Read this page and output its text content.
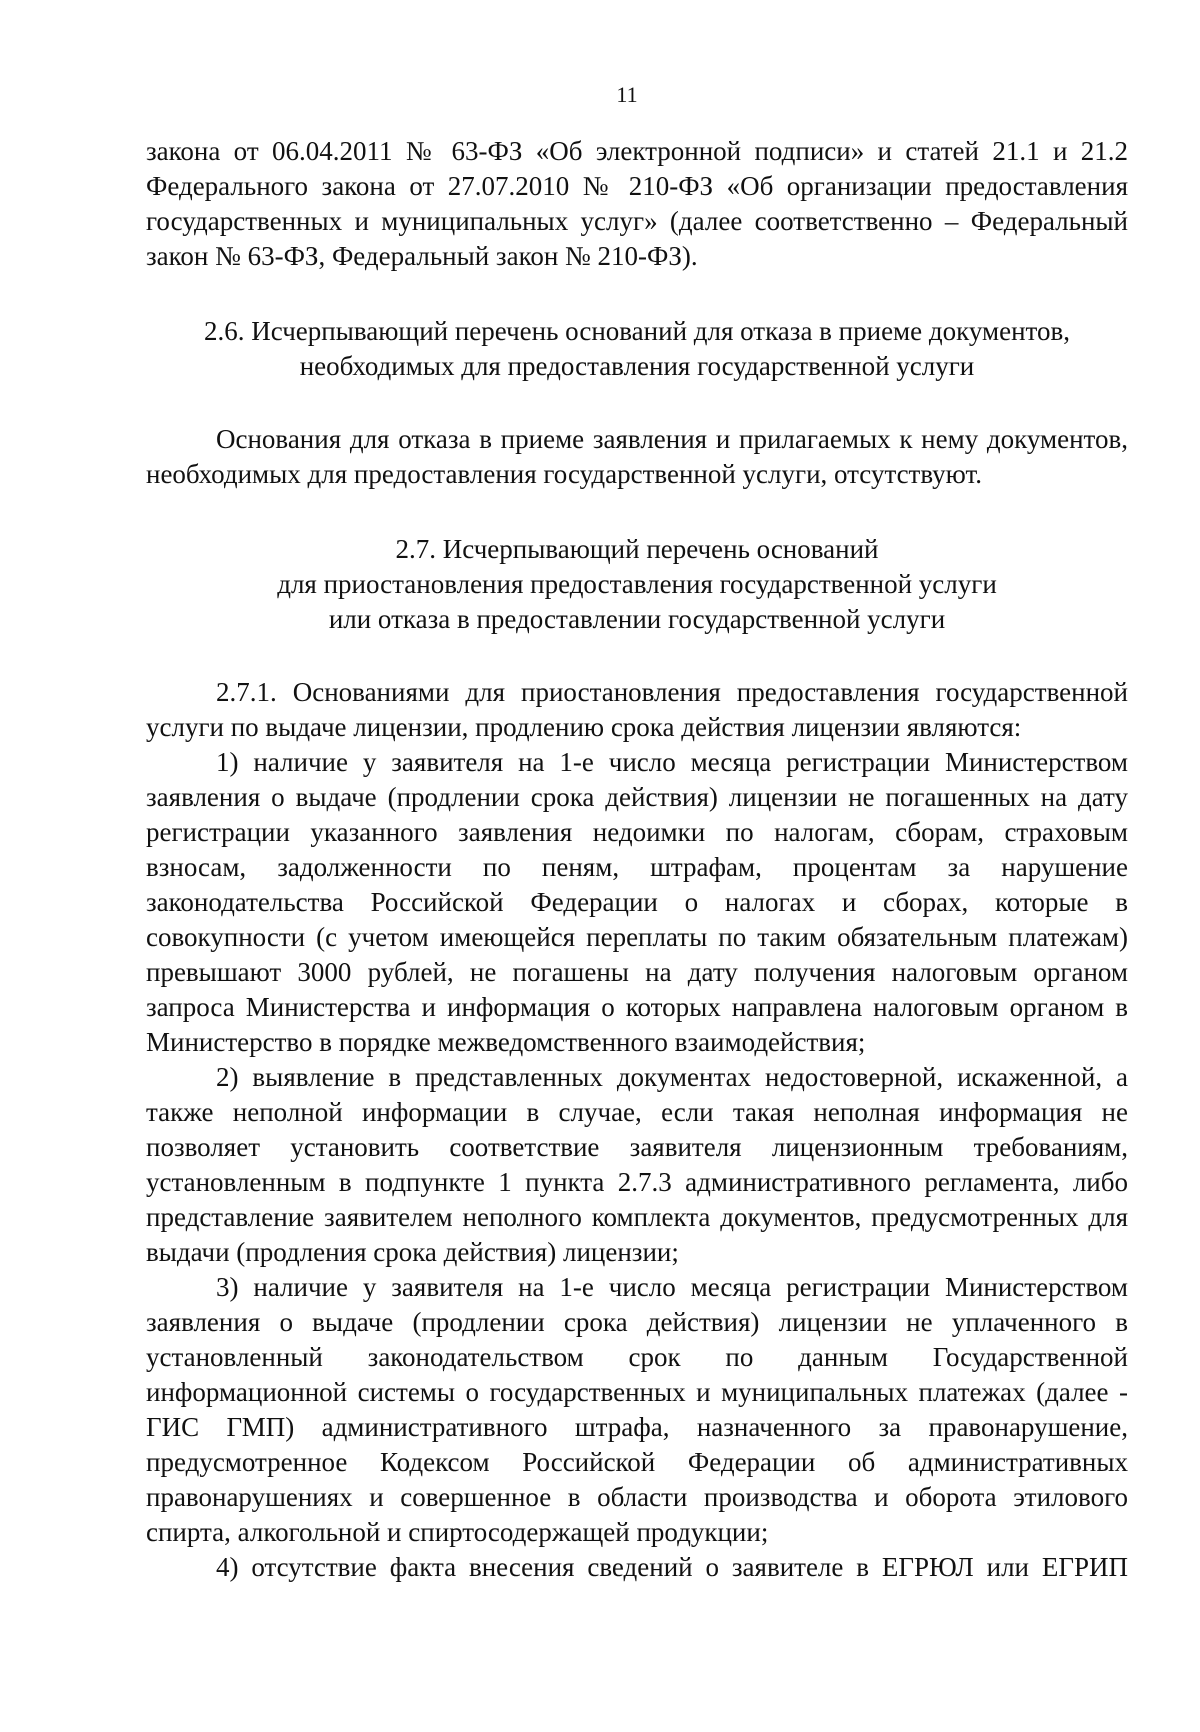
11

закона от 06.04.2011 № 63-ФЗ «Об электронной подписи» и статей 21.1 и 21.2 Федерального закона от 27.07.2010 № 210-ФЗ «Об организации предоставления государственных и муниципальных услуг» (далее соответственно – Федеральный закон № 63-ФЗ, Федеральный закон № 210-ФЗ).

2.6. Исчерпывающий перечень оснований для отказа в приеме документов,
необходимых для предоставления государственной услуги

Основания для отказа в приеме заявления и прилагаемых к нему документов, необходимых для предоставления государственной услуги, отсутствуют.

2.7. Исчерпывающий перечень оснований
для приостановления предоставления государственной услуги
или отказа в предоставлении государственной услуги

2.7.1. Основаниями для приостановления предоставления государственной услуги по выдаче лицензии, продлению срока действия лицензии являются:

1) наличие у заявителя на 1-е число месяца регистрации Министерством заявления о выдаче (продлении срока действия) лицензии не погашенных на дату регистрации указанного заявления недоимки по налогам, сборам, страховым взносам, задолженности по пеням, штрафам, процентам за нарушение законодательства Российской Федерации о налогах и сборах, которые в совокупности (с учетом имеющейся переплаты по таким обязательным платежам) превышают 3000 рублей, не погашены на дату получения налоговым органом запроса Министерства и информация о которых направлена налоговым органом в Министерство в порядке межведомственного взаимодействия;

2) выявление в представленных документах недостоверной, искаженной, а также неполной информации в случае, если такая неполная информация не позволяет установить соответствие заявителя лицензионным требованиям, установленным в подпункте 1 пункта 2.7.3 административного регламента, либо представление заявителем неполного комплекта документов, предусмотренных для выдачи (продления срока действия) лицензии;

3) наличие у заявителя на 1-е число месяца регистрации Министерством заявления о выдаче (продлении срока действия) лицензии не уплаченного в установленный законодательством срок по данным Государственной информационной системы о государственных и муниципальных платежах (далее - ГИС ГМП) административного штрафа, назначенного за правонарушение, предусмотренное Кодексом Российской Федерации об административных правонарушениях и совершенное в области производства и оборота этилового спирта, алкогольной и спиртосодержащей продукции;

4) отсутствие факта внесения сведений о заявителе в ЕГРЮЛ или ЕГРИП
